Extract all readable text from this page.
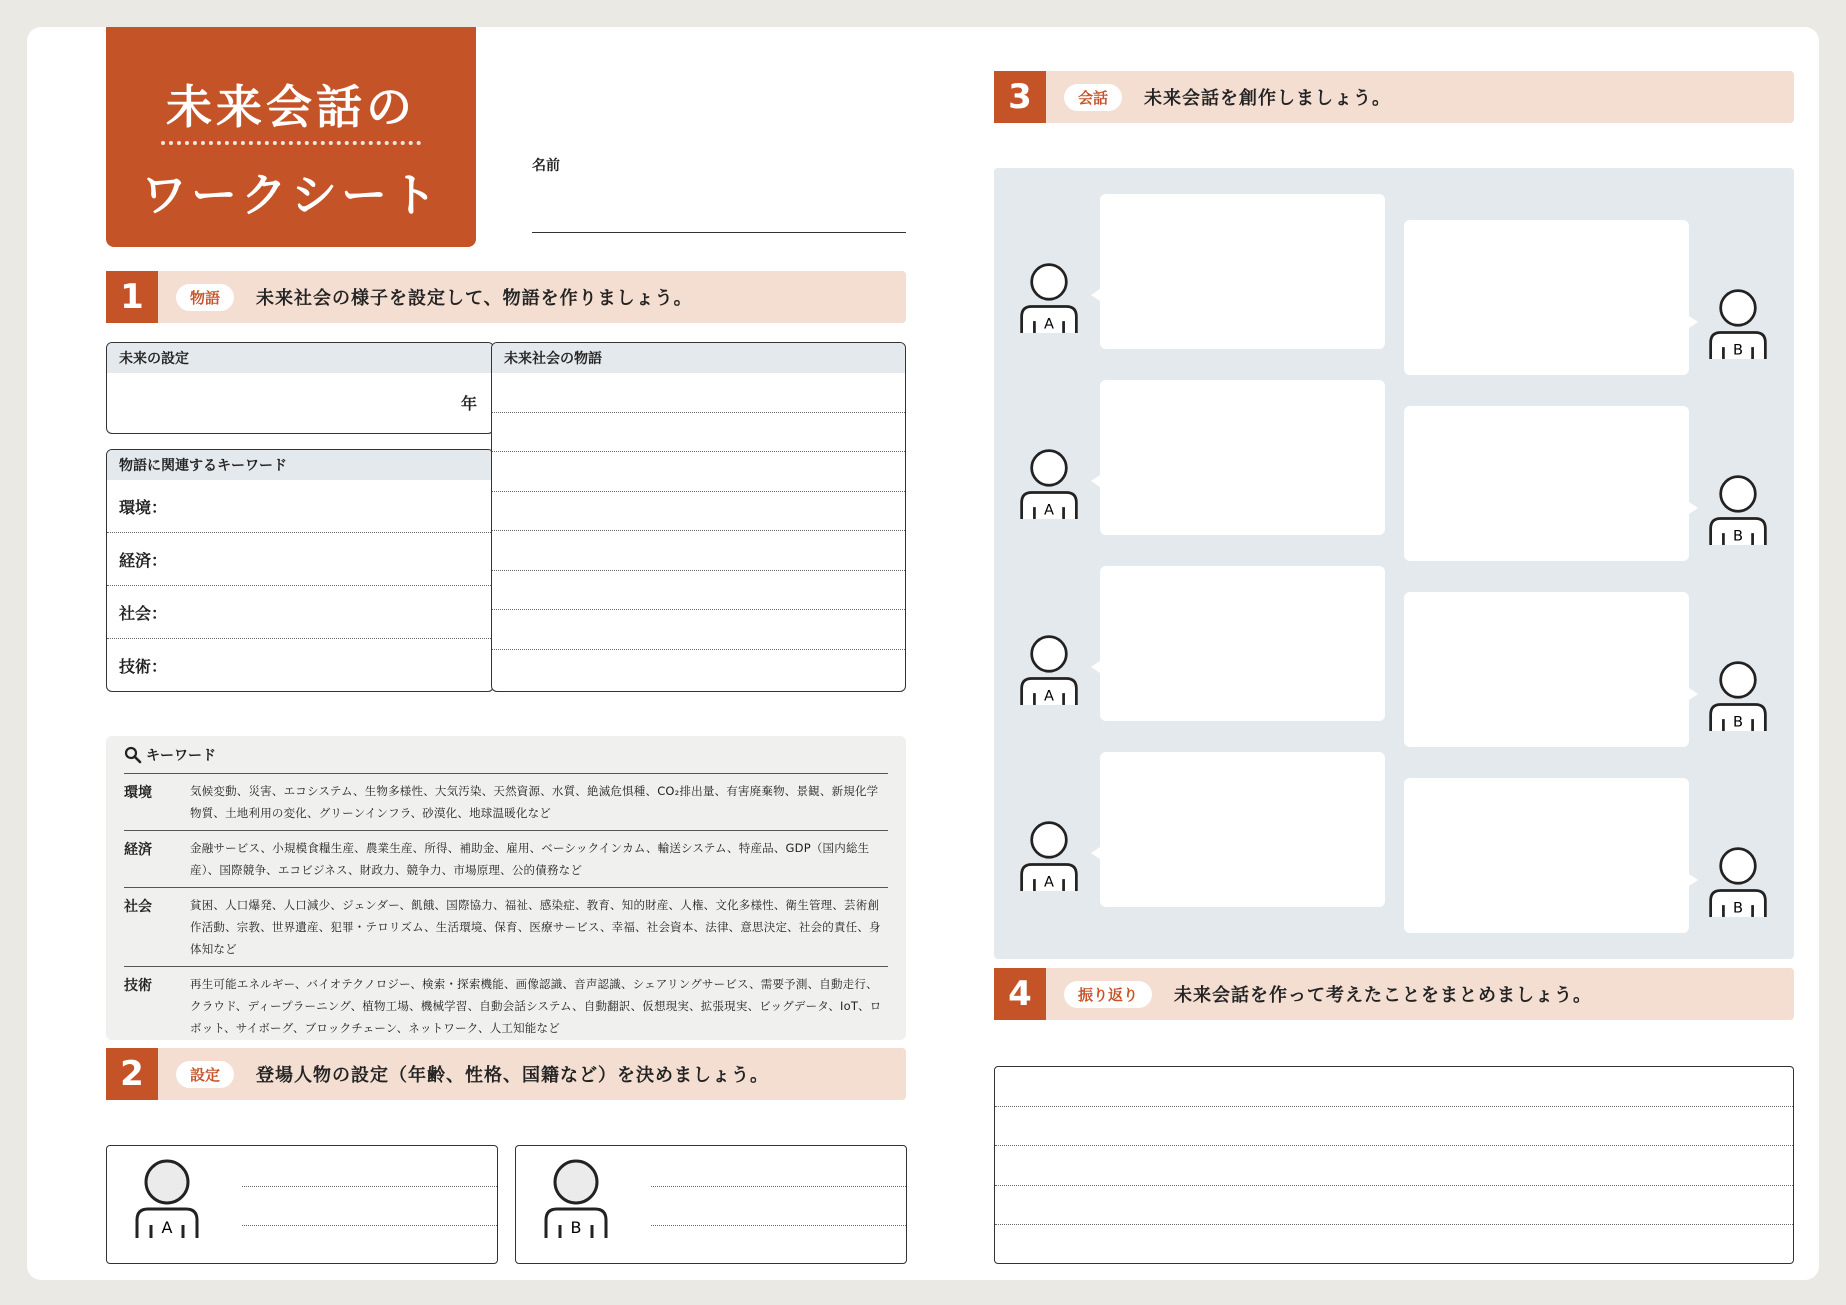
未来会話の
ワークシート
名前
1	物語	未来社会の様子を設定して、物語を作りましょう。
未来の設定
年
物語に関連するキーワード
環境：
経済：
社会：
技術：
未来社会の物語
キーワード
環境	気候変動、災害、エコシステム、生物多様性、大気汚染、天然資源、水質、絶滅危惧種、CO₂排出量、有害廃棄物、景観、新規化学物質、土地利用の変化、グリーンインフラ、砂漠化、地球温暖化など
経済	金融サービス、小規模食糧生産、農業生産、所得、補助金、雇用、ベーシックインカム、輸送システム、特産品、GDP（国内総生産）、国際競争、エコビジネス、財政力、競争力、市場原理、公的債務など
社会	貧困、人口爆発、人口減少、ジェンダー、飢餓、国際協力、福祉、感染症、教育、知的財産、人権、文化多様性、衛生管理、芸術創作活動、宗教、世界遺産、犯罪・テロリズム、生活環境、保育、医療サービス、幸福、社会資本、法律、意思決定、社会的責任、身体知など
技術	再生可能エネルギー、バイオテクノロジー、検索・探索機能、画像認識、音声認識、シェアリングサービス、需要予測、自動走行、クラウド、ディープラーニング、植物工場、機械学習、自動会話システム、自動翻訳、仮想現実、拡張現実、ビッグデータ、IoT、ロボット、サイボーグ、ブロックチェーン、ネットワーク、人工知能など
2	設定	登場人物の設定（年齢、性格、国籍など）を決めましょう。
A	B
3	会話	未来会話を創作しましょう。
A
B
A
B
A
B
A
B
4	振り返り	未来会話を作って考えたことをまとめましょう。
